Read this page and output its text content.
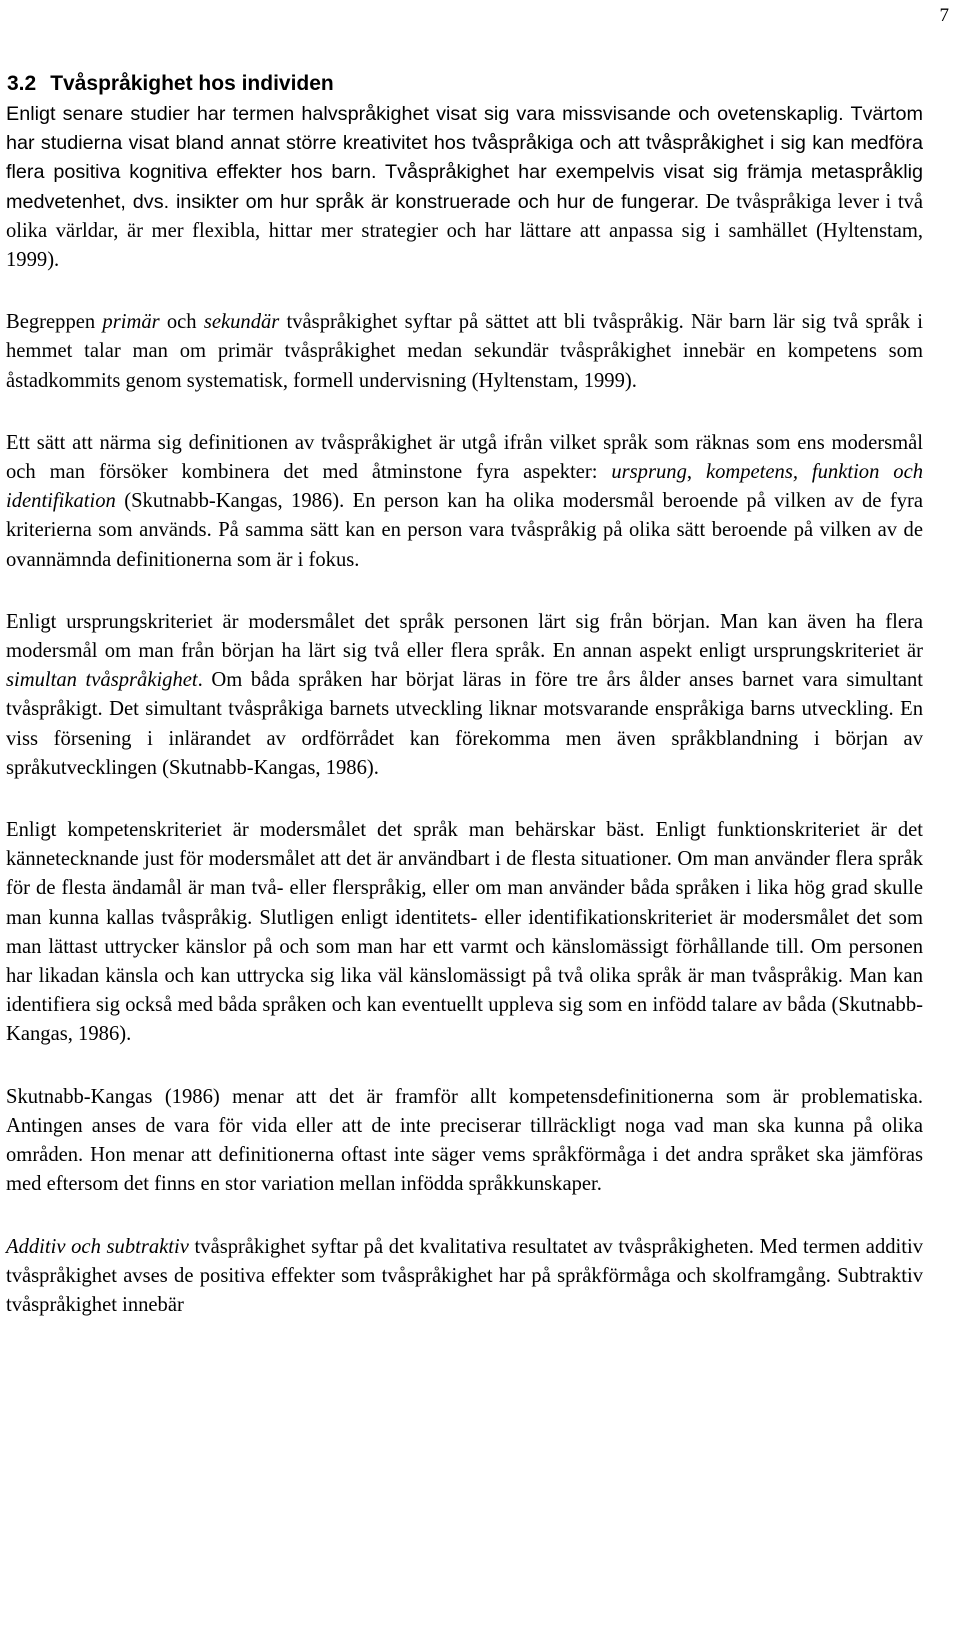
7
3.2 Tvåspråkighet hos individen

Enligt senare studier har termen halvspråkighet visat sig vara missvisande och ovetenskaplig. Tvärtom har studierna visat bland annat större kreativitet hos tvåspråkiga och att tvåspråkighet i sig kan medföra flera positiva kognitiva effekter hos barn. Tvåspråkighet har exempelvis visat sig främja metaspråklig medvetenhet, dvs. insikter om hur språk är konstruerade och hur de fungerar. De tvåspråkiga lever i två olika världar, är mer flexibla, hittar mer strategier och har lättare att anpassa sig i samhället (Hyltenstam, 1999).

Begreppen primär och sekundär tvåspråkighet syftar på sättet att bli tvåspråkig. När barn lär sig två språk i hemmet talar man om primär tvåspråkighet medan sekundär tvåspråkighet innebär en kompetens som åstadkommits genom systematisk, formell undervisning (Hyltenstam, 1999).

Ett sätt att närma sig definitionen av tvåspråkighet är utgå ifrån vilket språk som räknas som ens modersmål och man försöker kombinera det med åtminstone fyra aspekter: ursprung, kompetens, funktion och identifikation (Skutnabb-Kangas, 1986). En person kan ha olika modersmål beroende på vilken av de fyra kriterierna som används. På samma sätt kan en person vara tvåspråkig på olika sätt beroende på vilken av de ovannämnda definitionerna som är i fokus.

Enligt ursprungskriteriet är modersmålet det språk personen lärt sig från början. Man kan även ha flera modersmål om man från början ha lärt sig två eller flera språk. En annan aspekt enligt ursprungskriteriet är simultan tvåspråkighet. Om båda språken har börjat läras in före tre års ålder anses barnet vara simultant tvåspråkigt. Det simultant tvåspråkiga barnets utveckling liknar motsvarande enspråkiga barns utveckling. En viss försening i inlärandet av ordförrådet kan förekomma men även språkblandning i början av språkutvecklingen (Skutnabb-Kangas, 1986).

Enligt kompetenskriteriet är modersmålet det språk man behärskar bäst. Enligt funktionskriteriet är det kännetecknande just för modersmålet att det är användbart i de flesta situationer. Om man använder flera språk för de flesta ändamål är man två- eller flerspråkig, eller om man använder båda språken i lika hög grad skulle man kunna kallas tvåspråkig. Slutligen enligt identitets- eller identifikationskriteriet är modersmålet det som man lättast uttrycker känslor på och som man har ett varmt och känslomässigt förhållande till. Om personen har likadan känsla och kan uttrycka sig lika väl känslomässigt på två olika språk är man tvåspråkig. Man kan identifiera sig också med båda språken och kan eventuellt uppleva sig som en infödd talare av båda (Skutnabb-Kangas, 1986).

Skutnabb-Kangas (1986) menar att det är framför allt kompetensdefinitionerna som är problematiska. Antingen anses de vara för vida eller att de inte preciserar tillräckligt noga vad man ska kunna på olika områden. Hon menar att definitionerna oftast inte säger vems språkförmåga i det andra språket ska jämföras med eftersom det finns en stor variation mellan infödda språkkunskaper.

Additiv och subtraktiv tvåspråkighet syftar på det kvalitativa resultatet av tvåspråkigheten. Med termen additiv tvåspråkighet avses de positiva effekter som tvåspråkighet har på språkförmåga och skolframgång. Subtraktiv tvåspråkighet innebär
